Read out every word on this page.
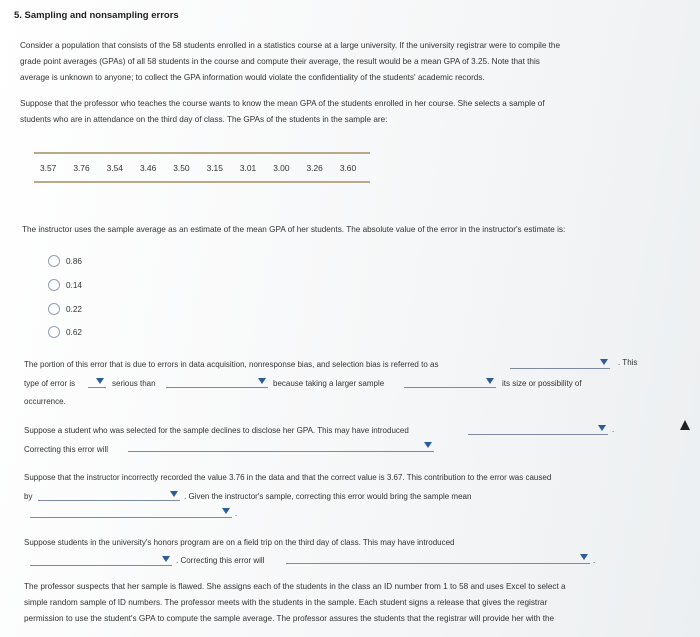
5. Sampling and nonsampling errors
Consider a population that consists of the 58 students enrolled in a statistics course at a large university. If the university registrar were to compile the
grade point averages (GPAs) of all 58 students in the course and compute their average, the result would be a mean GPA of 3.25. Note that this
average is unknown to anyone; to collect the GPA information would violate the confidentiality of the students' academic records.
Suppose that the professor who teaches the course wants to know the mean GPA of the students enrolled in her course. She selects a sample of
students who are in attendance on the third day of class. The GPAs of the students in the sample are:
3.57 3.76 3.54 3.46 3.50 3.15 3.01 3.00 3.26 3.60
The instructor uses the sample average as an estimate of the mean GPA of her students. The absolute value of the error in the instructor's estimate is:
0.86
0.14
0.22
0.62
The portion of this error that is due to errors in data acquisition, nonresponse bias, and selection bias is referred to as	. This
type of error is	serious than	because taking a larger sample	its size or possibility of
occurrence.
Suppose a student who was selected for the sample declines to disclose her GPA. This may have introduced	.
Correcting this error will
Suppose that the instructor incorrectly recorded the value 3.76 in the data and that the correct value is 3.67. This contribution to the error was caused
by	. Given the instructor's sample, correcting this error would bring the sample mean
.
Suppose students in the university's honors program are on a field trip on the third day of class. This may have introduced
. Correcting this error will	.
The professor suspects that her sample is flawed. She assigns each of the students in the class an ID number from 1 to 58 and uses Excel to select a
simple random sample of ID numbers. The professor meets with the students in the sample. Each student signs a release that gives the registrar
permission to use the student's GPA to compute the sample average. The professor assures the students that the registrar will provide her with the
